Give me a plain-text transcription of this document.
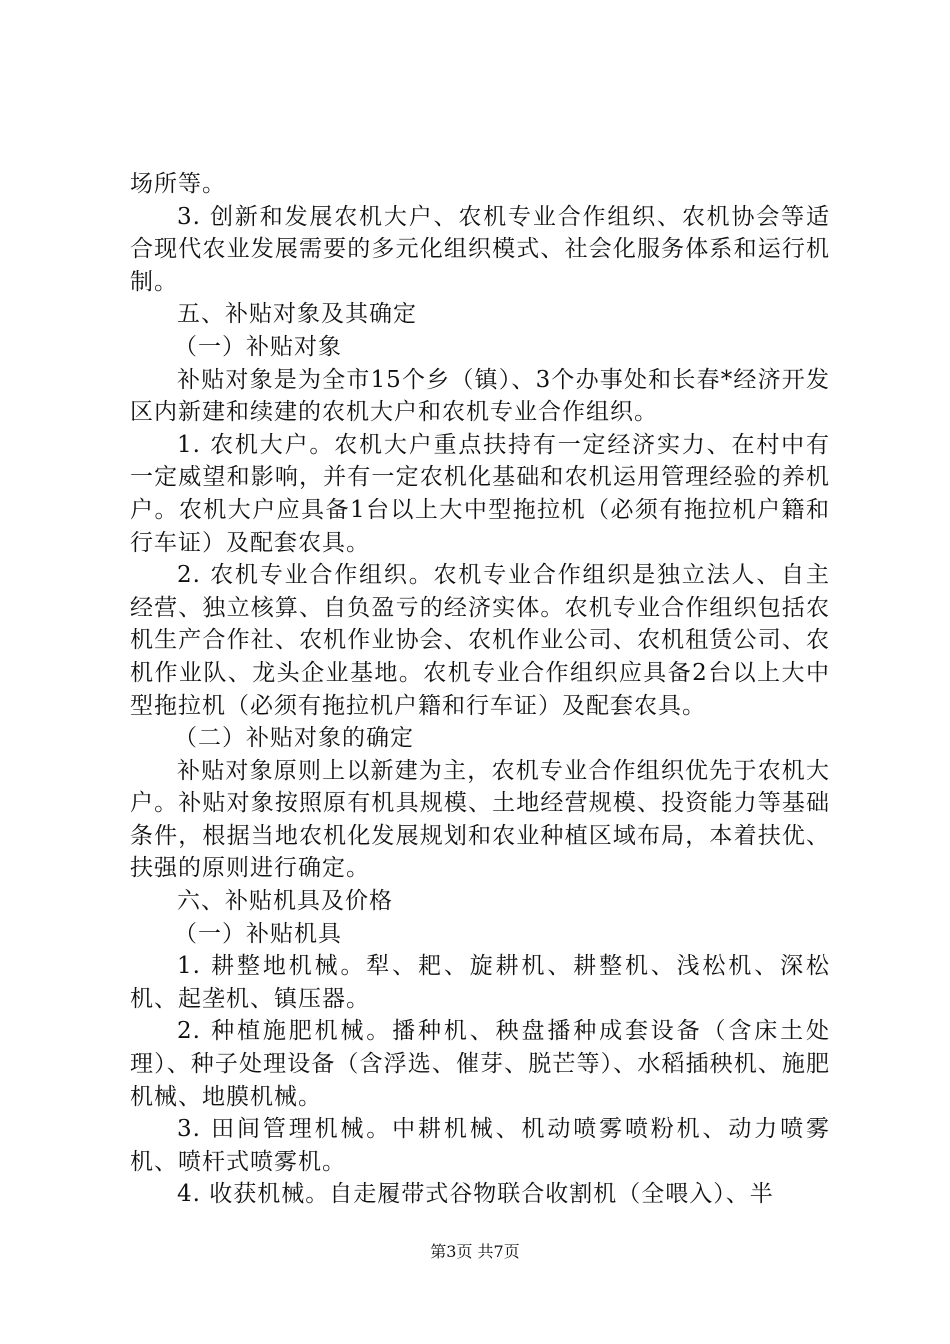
场所等。

3. 创新和发展农机大户、农机专业合作组织、农机协会等适合现代农业发展需要的多元化组织模式、社会化服务体系和运行机制。

五、补贴对象及其确定

（一）补贴对象

补贴对象是为全市15个乡（镇）、3个办事处和长春*经济开发区内新建和续建的农机大户和农机专业合作组织。

1. 农机大户。农机大户重点扶持有一定经济实力、在村中有一定威望和影响，并有一定农机化基础和农机运用管理经验的养机户。农机大户应具备1台以上大中型拖拉机（必须有拖拉机户籍和行车证）及配套农具。

2. 农机专业合作组织。农机专业合作组织是独立法人、自主经营、独立核算、自负盈亏的经济实体。农机专业合作组织包括农机生产合作社、农机作业协会、农机作业公司、农机租赁公司、农机作业队、龙头企业基地。农机专业合作组织应具备2台以上大中型拖拉机（必须有拖拉机户籍和行车证）及配套农具。

（二）补贴对象的确定

补贴对象原则上以新建为主，农机专业合作组织优先于农机大户。补贴对象按照原有机具规模、土地经营规模、投资能力等基础条件，根据当地农机化发展规划和农业种植区域布局，本着扶优、扶强的原则进行确定。

六、补贴机具及价格

（一）补贴机具

1. 耕整地机械。犁、耙、旋耕机、耕整机、浅松机、深松机、起垄机、镇压器。

2. 种植施肥机械。播种机、秧盘播种成套设备（含床土处理）、种子处理设备（含浮选、催芽、脱芒等）、水稻插秧机、施肥机械、地膜机械。

3. 田间管理机械。中耕机械、机动喷雾喷粉机、动力喷雾机、喷杆式喷雾机。

4. 收获机械。自走履带式谷物联合收割机（全喂入）、半

第3页 共7页
